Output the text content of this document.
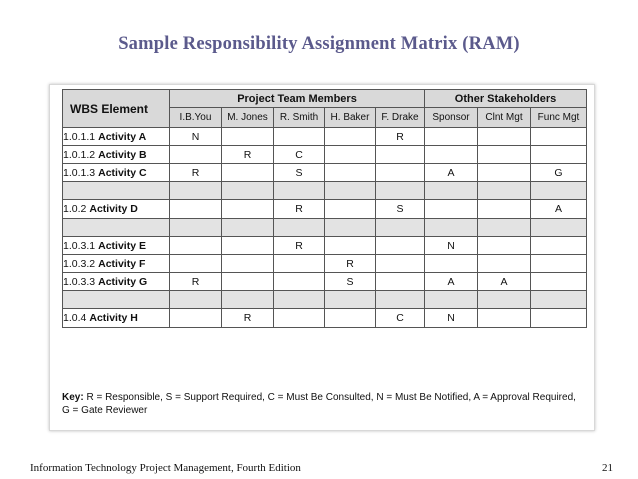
Sample Responsibility Assignment Matrix (RAM)
WBS Element	Project Team Members					Other Stakeholders		
	I.B.You	M. Jones	R. Smith	H. Baker	F. Drake	Sponsor	Clnt Mgt	Func Mgt
1.0.1.1 Activity A	N				R			
1.0.1.2 Activity B		R	C					
1.0.1.3 Activity C	R		S			A		G

1.0.2 Activity D			R		S			A

1.0.3.1 Activity E			R			N		
1.0.3.2 Activity F				R				
1.0.3.3 Activity G	R			S		A	A	

1.0.4 Activity H		R			C	N		
Key: R = Responsible, S = Support Required, C = Must Be Consulted, N = Must Be Notified, A = Approval Required, G = Gate Reviewer
Information Technology Project Management, Fourth Edition	21
